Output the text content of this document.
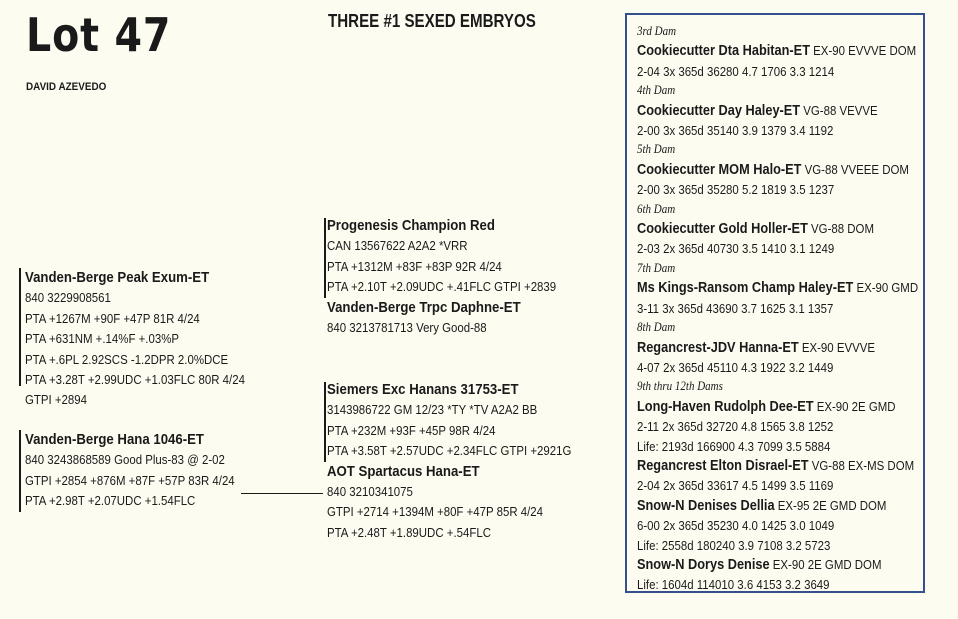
Lot 47
DAVID AZEVEDO
THREE #1 SEXED EMBRYOS
Vanden-Berge Peak Exum-ET
840 3229908561
PTA +1267M +90F +47P 81R 4/24
PTA +631NM +.14%F +.03%P
PTA +.6PL 2.92SCS -1.2DPR 2.0%DCE
PTA +3.28T +2.99UDC +1.03FLC 80R 4/24
GTPI +2894
Vanden-Berge Hana 1046-ET
840 3243868589 Good Plus-83 @ 2-02
GTPI +2854 +876M +87F +57P 83R 4/24
PTA +2.98T +2.07UDC +1.54FLC
Progenesis Champion Red
CAN 13567622 A2A2 *VRR
PTA +1312M +83F +83P 92R 4/24
PTA +2.10T +2.09UDC +.41FLC GTPI +2839
Vanden-Berge Trpc Daphne-ET
840 3213781713 Very Good-88
Siemers Exc Hanans 31753-ET
3143986722 GM 12/23 *TY *TV A2A2 BB
PTA +232M +93F +45P 98R 4/24
PTA +3.58T +2.57UDC +2.34FLC GTPI +2921G
AOT Spartacus Hana-ET
840 3210341075
GTPI +2714 +1394M +80F +47P 85R 4/24
PTA +2.48T +1.89UDC +.54FLC
3rd Dam
Cookiecutter Dta Habitan-ET EX-90 EVVVE DOM
2-04 3x 365d 36280 4.7 1706 3.3 1214
4th Dam
Cookiecutter Day Haley-ET VG-88 VEVVE
2-00 3x 365d 35140 3.9 1379 3.4 1192
5th Dam
Cookiecutter MOM Halo-ET VG-88 VVEEE DOM
2-00 3x 365d 35280 5.2 1819 3.5 1237
6th Dam
Cookiecutter Gold Holler-ET VG-88 DOM
2-03 2x 365d 40730 3.5 1410 3.1 1249
7th Dam
Ms Kings-Ransom Champ Haley-ET EX-90 GMD
3-11 3x 365d 43690 3.7 1625 3.1 1357
8th Dam
Regancrest-JDV Hanna-ET EX-90 EVVVE
4-07 2x 365d 45110 4.3 1922 3.2 1449
9th thru 12th Dams
Long-Haven Rudolph Dee-ET EX-90 2E GMD
2-11 2x 365d 32720 4.8 1565 3.8 1252
Life: 2193d 166900 4.3 7099 3.5 5884
Regancrest Elton Disrael-ET VG-88 EX-MS DOM
2-04 2x 365d 33617 4.5 1499 3.5 1169
Snow-N Denises Dellia EX-95 2E GMD DOM
6-00 2x 365d 35230 4.0 1425 3.0 1049
Life: 2558d 180240 3.9 7108 3.2 5723
Snow-N Dorys Denise EX-90 2E GMD DOM
Life: 1604d 114010 3.6 4153 3.2 3649
